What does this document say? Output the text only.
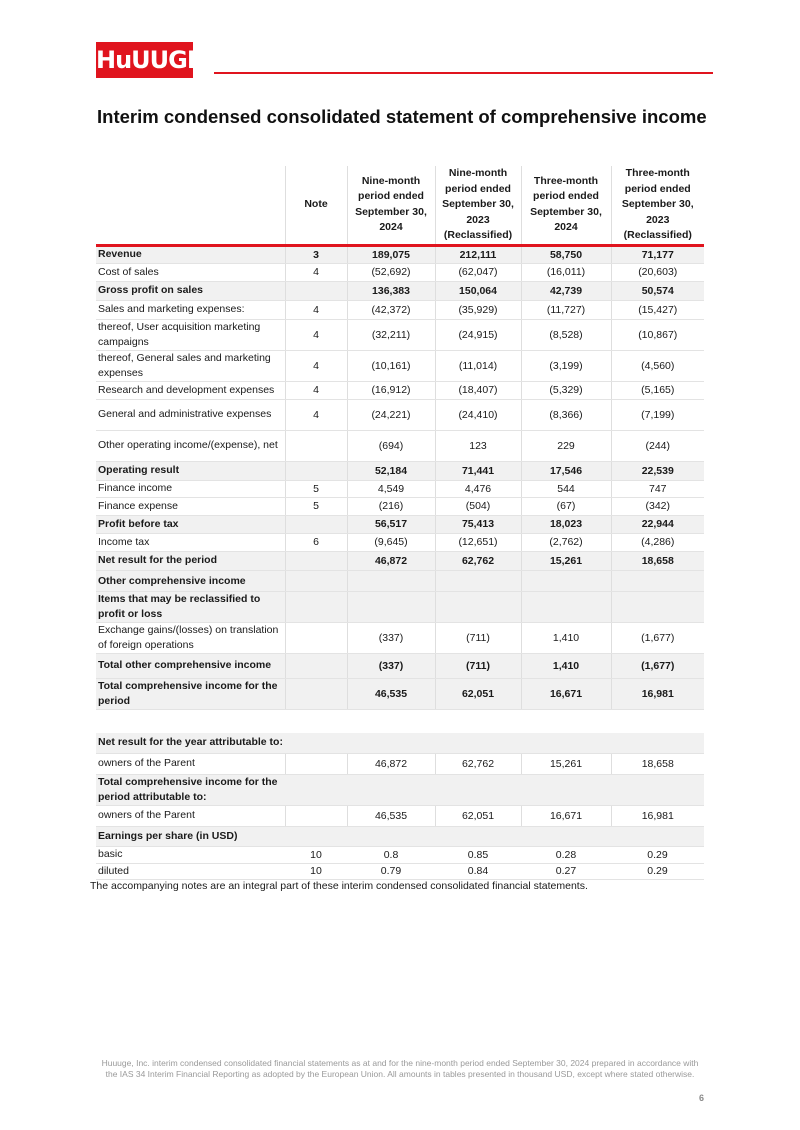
HuUUGE
Interim condensed consolidated statement of comprehensive income
	Note	Nine-month period ended September 30, 2024	Nine-month period ended September 30, 2023 (Reclassified)	Three-month period ended September 30, 2024	Three-month period ended September 30, 2023 (Reclassified)
Revenue	3	189,075	212,111	58,750	71,177
Cost of sales	4	(52,692)	(62,047)	(16,011)	(20,603)
Gross profit on sales		136,383	150,064	42,739	50,574
Sales and marketing expenses:	4	(42,372)	(35,929)	(11,727)	(15,427)
thereof, User acquisition marketing campaigns	4	(32,211)	(24,915)	(8,528)	(10,867)
thereof, General sales and marketing expenses	4	(10,161)	(11,014)	(3,199)	(4,560)
Research and development expenses	4	(16,912)	(18,407)	(5,329)	(5,165)
General and administrative expenses	4	(24,221)	(24,410)	(8,366)	(7,199)
Other operating income/(expense), net		(694)	123	229	(244)
Operating result		52,184	71,441	17,546	22,539
Finance income	5	4,549	4,476	544	747
Finance expense	5	(216)	(504)	(67)	(342)
Profit before tax		56,517	75,413	18,023	22,944
Income tax	6	(9,645)	(12,651)	(2,762)	(4,286)
Net result for the period		46,872	62,762	15,261	18,658
Other comprehensive income					
Items that may be reclassified to profit or loss					
Exchange gains/(losses) on translation of foreign operations		(337)	(711)	1,410	(1,677)
Total other comprehensive income		(337)	(711)	1,410	(1,677)
Total comprehensive income for the period		46,535	62,051	16,671	16,981

Net result for the year attributable to:					
owners of the Parent		46,872	62,762	15,261	18,658
Total comprehensive income for the period attributable to:					
owners of the Parent		46,535	62,051	16,671	16,981
Earnings per share (in USD)					
basic	10	0.8	0.85	0.28	0.29
diluted	10	0.79	0.84	0.27	0.29

The accompanying notes are an integral part of these interim condensed consolidated financial statements.

Huuuge, Inc. interim condensed consolidated financial statements as at and for the nine-month period ended September 30, 2024 prepared in accordance with the IAS 34 Interim Financial Reporting as adopted by the European Union. All amounts in tables presented in thousand USD, except where stated otherwise.

6
